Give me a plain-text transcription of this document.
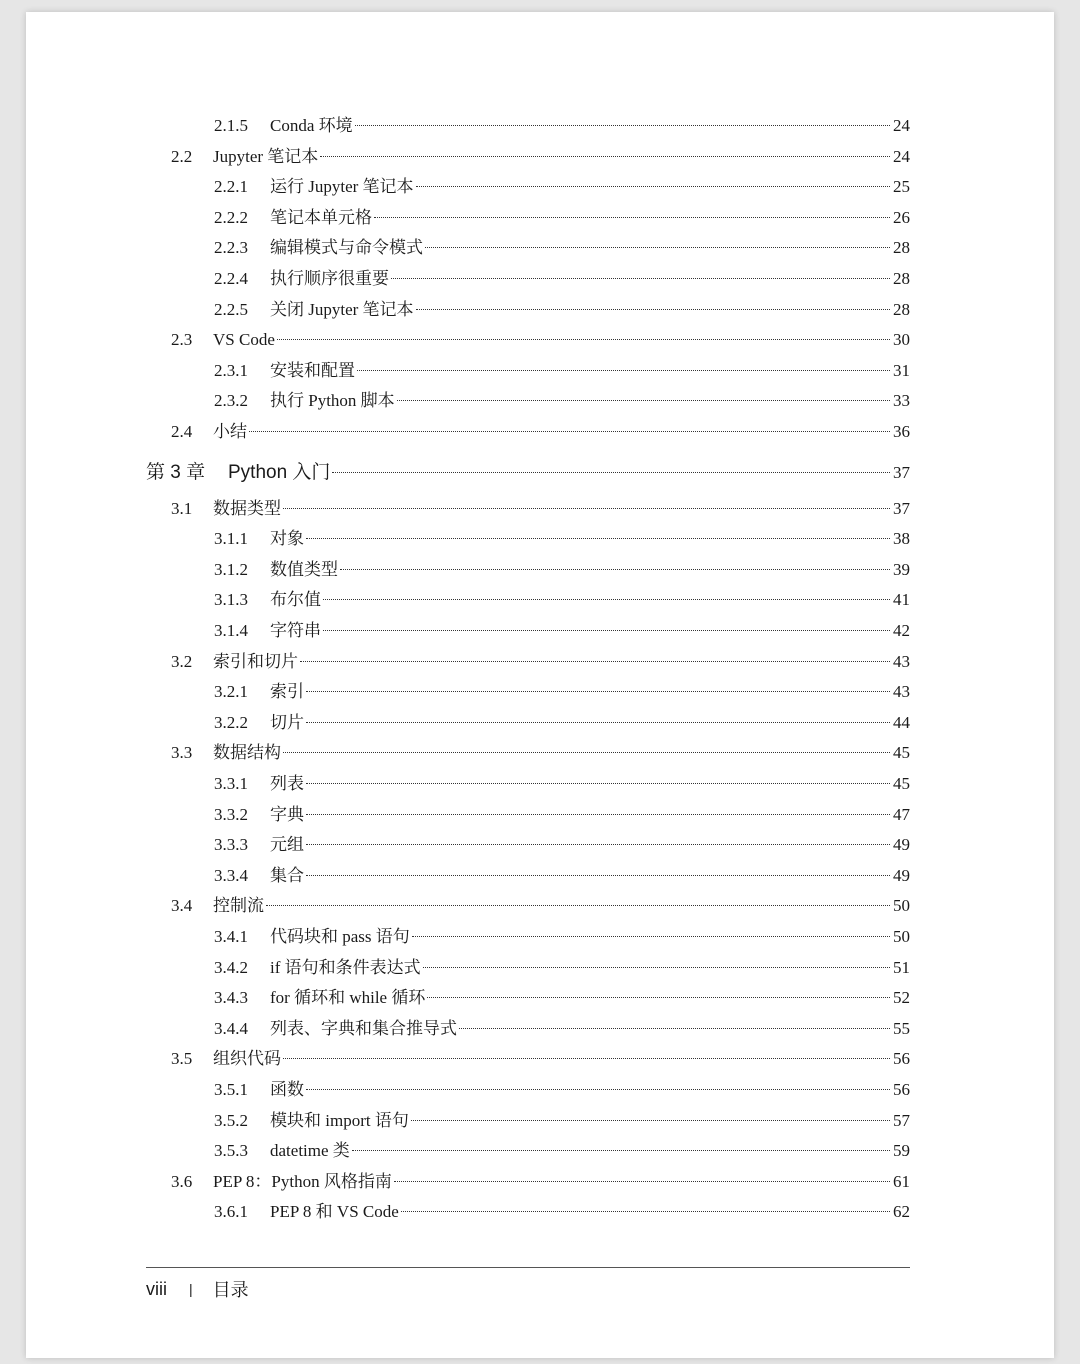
2.1.5	Conda 环境	24
2.2	Jupyter 笔记本	24
2.2.1	运行 Jupyter 笔记本	25
2.2.2	笔记本单元格	26
2.2.3	编辑模式与命令模式	28
2.2.4	执行顺序很重要	28
2.2.5	关闭 Jupyter 笔记本	28
2.3	VS Code	30
2.3.1	安装和配置	31
2.3.2	执行 Python 脚本	33
2.4	小结	36
第 3 章	Python 入门	37
3.1	数据类型	37
3.1.1	对象	38
3.1.2	数值类型	39
3.1.3	布尔值	41
3.1.4	字符串	42
3.2	索引和切片	43
3.2.1	索引	43
3.2.2	切片	44
3.3	数据结构	45
3.3.1	列表	45
3.3.2	字典	47
3.3.3	元组	49
3.3.4	集合	49
3.4	控制流	50
3.4.1	代码块和 pass 语句	50
3.4.2	if 语句和条件表达式	51
3.4.3	for 循环和 while 循环	52
3.4.4	列表、字典和集合推导式	55
3.5	组织代码	56
3.5.1	函数	56
3.5.2	模块和 import 语句	57
3.5.3	datetime 类	59
3.6	PEP 8：Python 风格指南	61
3.6.1	PEP 8 和 VS Code	62
viii | 目录
